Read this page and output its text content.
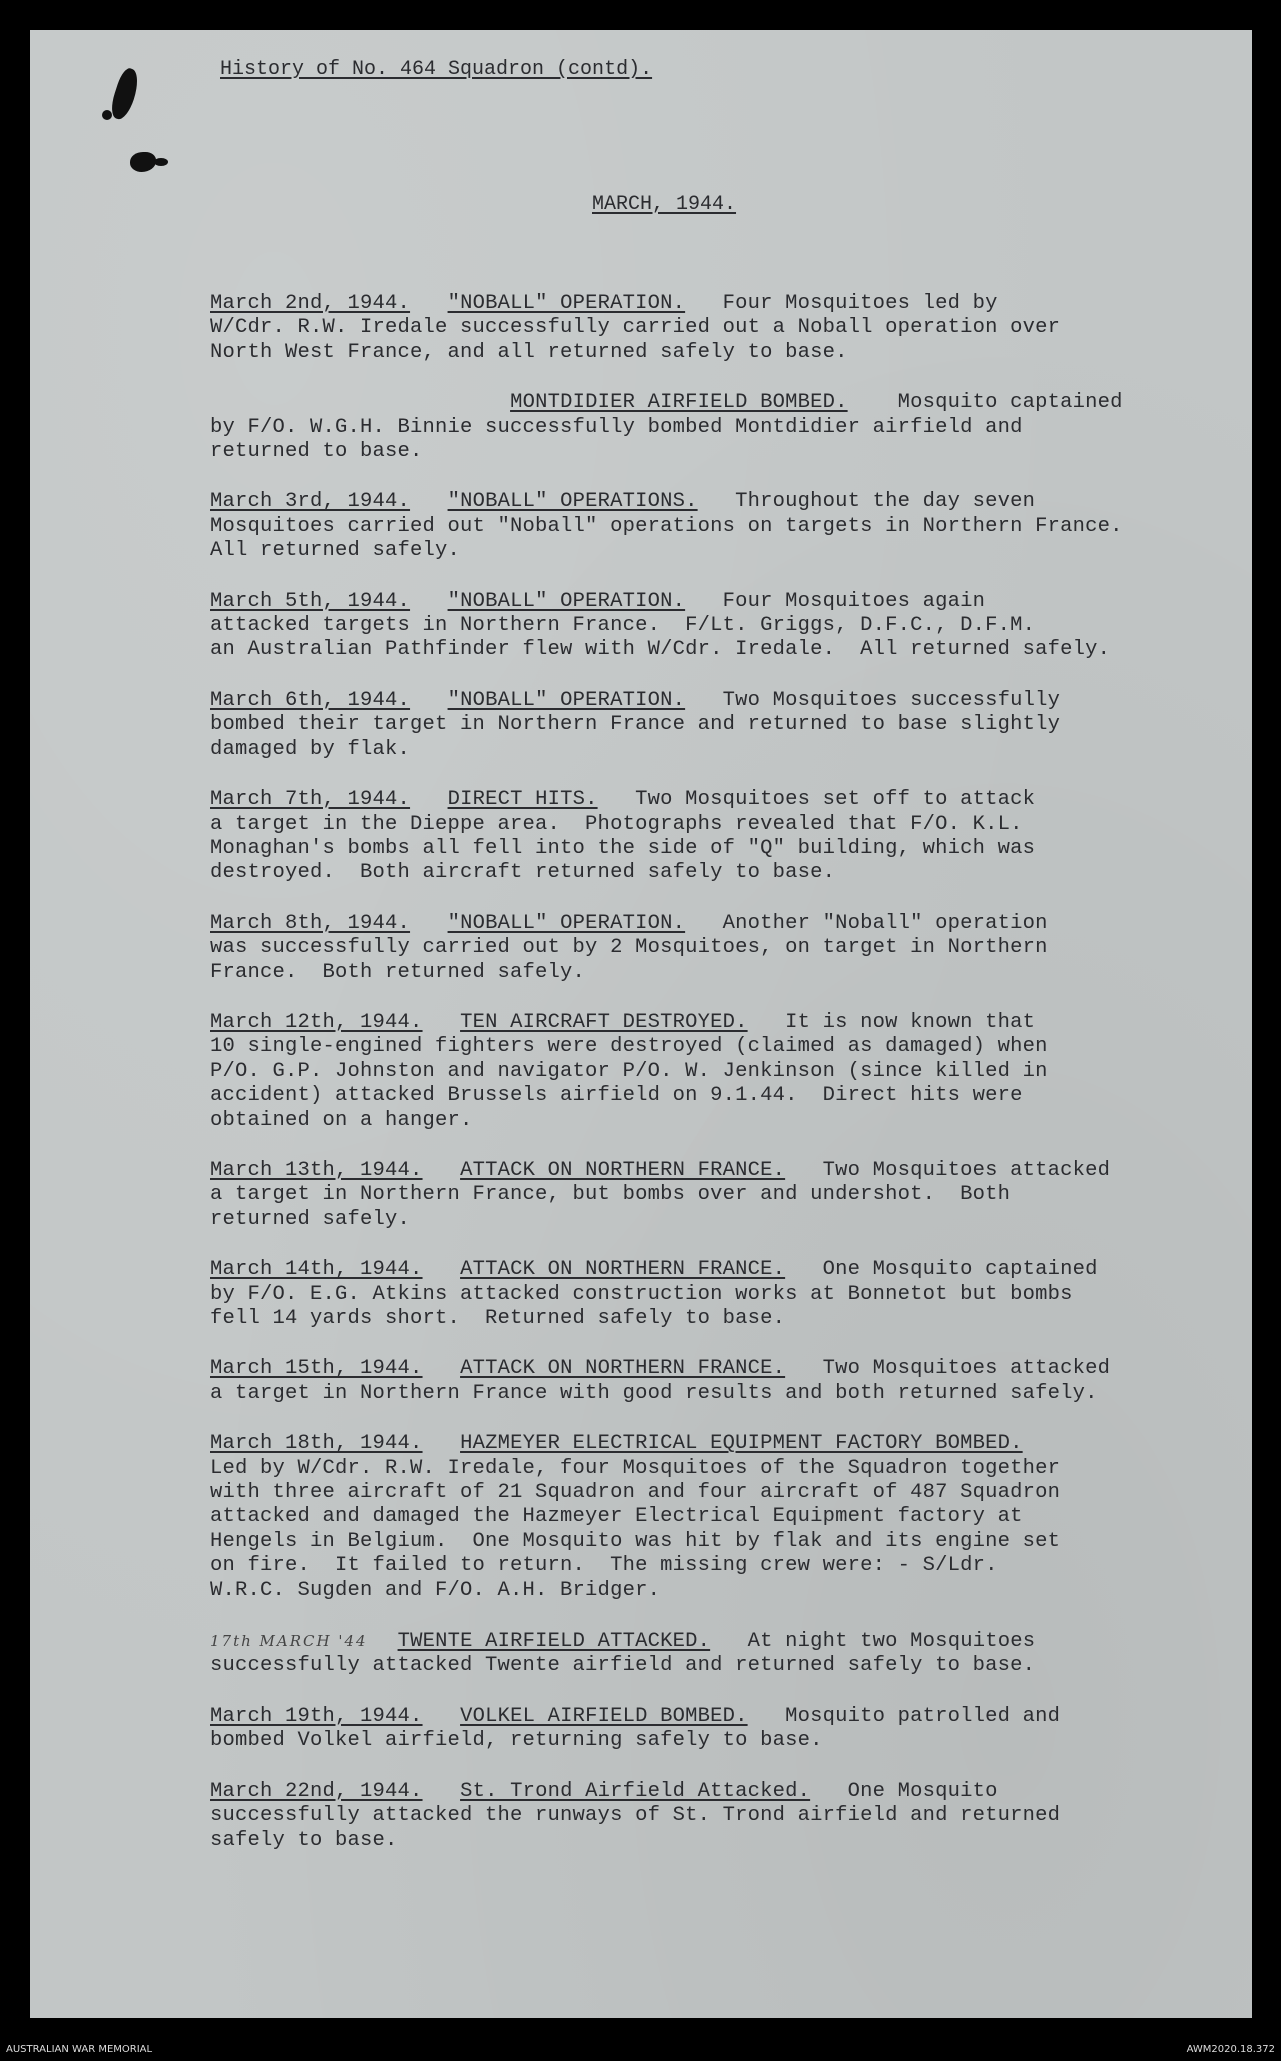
History of No. 464 Squadron (contd).
MARCH, 1944.

March 2nd, 1944. "NOBALL" OPERATION. Four Mosquitoes led by
W/Cdr. R.W. Iredale successfully carried out a Noball operation over
North West France, and all returned safely to base.

MONTDIDIER AIRFIELD BOMBED. Mosquito captained
by F/O. W.G.H. Binnie successfully bombed Montdidier airfield and
returned to base.

March 3rd, 1944. "NOBALL" OPERATIONS. Throughout the day seven
Mosquitoes carried out "Noball" operations on targets in Northern France.
All returned safely.

March 5th, 1944. "NOBALL" OPERATION. Four Mosquitoes again
attacked targets in Northern France.  F/Lt. Griggs, D.F.C., D.F.M.
an Australian Pathfinder flew with W/Cdr. Iredale.  All returned safely.

March 6th, 1944. "NOBALL" OPERATION. Two Mosquitoes successfully
bombed their target in Northern France and returned to base slightly
damaged by flak.

March 7th, 1944. DIRECT HITS. Two Mosquitoes set off to attack
a target in the Dieppe area.  Photographs revealed that F/O. K.L.
Monaghan's bombs all fell into the side of "Q" building, which was
destroyed.  Both aircraft returned safely to base.

March 8th, 1944. "NOBALL" OPERATION. Another "Noball" operation
was successfully carried out by 2 Mosquitoes, on target in Northern
France.  Both returned safely.

March 12th, 1944. TEN AIRCRAFT DESTROYED. It is now known that
10 single-engined fighters were destroyed (claimed as damaged) when
P/O. G.P. Johnston and navigator P/O. W. Jenkinson (since killed in
accident) attacked Brussels airfield on 9.1.44.  Direct hits were
obtained on a hanger.

March 13th, 1944. ATTACK ON NORTHERN FRANCE. Two Mosquitoes attacked
a target in Northern France, but bombs over and undershot.  Both
returned safely.

March 14th, 1944. ATTACK ON NORTHERN FRANCE. One Mosquito captained
by F/O. E.G. Atkins attacked construction works at Bonnetot but bombs
fell 14 yards short.  Returned safely to base.

March 15th, 1944. ATTACK ON NORTHERN FRANCE. Two Mosquitoes attacked
a target in Northern France with good results and both returned safely.

March 18th, 1944. HAZMEYER ELECTRICAL EQUIPMENT FACTORY BOMBED.
Led by W/Cdr. R.W. Iredale, four Mosquitoes of the Squadron together
with three aircraft of 21 Squadron and four aircraft of 487 Squadron
attacked and damaged the Hazmeyer Electrical Equipment factory at
Hengels in Belgium.  One Mosquito was hit by flak and its engine set
on fire.  It failed to return.  The missing crew were: - S/Ldr.
W.R.C. Sugden and F/O. A.H. Bridger.

17th MARCH '44 TWENTE AIRFIELD ATTACKED. At night two Mosquitoes
successfully attacked Twente airfield and returned safely to base.

March 19th, 1944. VOLKEL AIRFIELD BOMBED. Mosquito patrolled and
bombed Volkel airfield, returning safely to base.

March 22nd, 1944. St. Trond Airfield Attacked. One Mosquito
successfully attacked the runways of St. Trond airfield and returned
safely to base.

AUSTRALIAN WAR MEMORIAL	AWM2020.18.372
